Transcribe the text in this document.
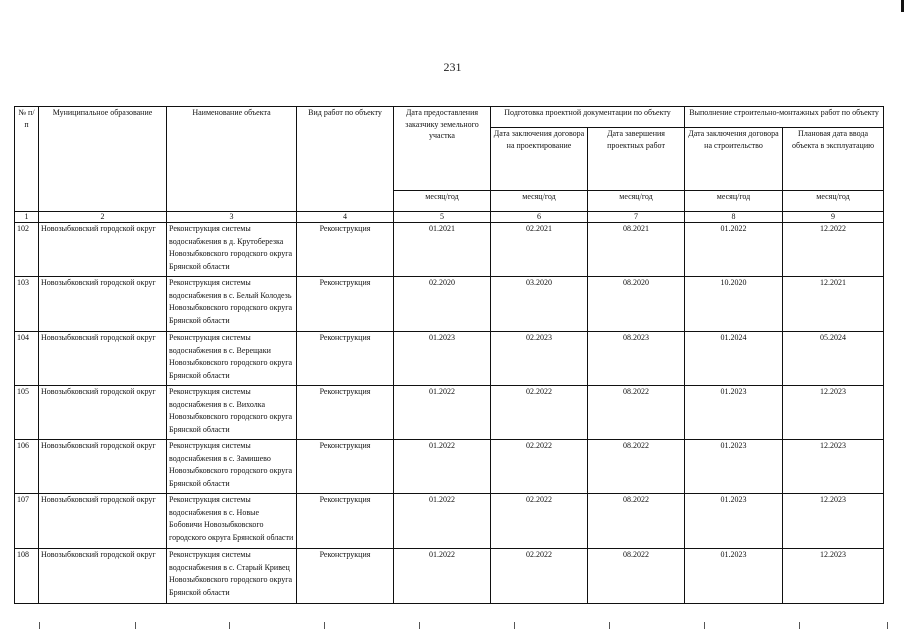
231
№ п/п	Муниципальное образование	Наименование объекта	Вид работ по объекту	Дата предоставления заказчику земельного участка	Подготовка проектной документации по объекту		Выполнение строительно-монтажных работ по объекту	
					Дата заключения договора на проектирование	Дата завершения проектных работ	Дата заключения договора на строительство	Плановая дата ввода объекта в эксплуатацию
				месяц/год	месяц/год	месяц/год	месяц/год	месяц/год
1	2	3	4	5	6	7	8	9
102	Новозыбковский городской округ	Реконструкция системы водоснабжения в д. Крутоберезка Новозыбковского городского округа Брянской области	Реконструкция	01.2021	02.2021	08.2021	01.2022	12.2022
103	Новозыбковский городской округ	Реконструкция системы водоснабжения в с. Белый Колодезь Новозыбковского городского округа Брянской области	Реконструкция	02.2020	03.2020	08.2020	10.2020	12.2021
104	Новозыбковский городской округ	Реконструкция системы водоснабжения в с. Верещаки Новозыбковского городского округа Брянской области	Реконструкция	01.2023	02.2023	08.2023	01.2024	05.2024
105	Новозыбковский городской округ	Реконструкция системы водоснабжения в с. Вихолка Новозыбковского городского округа Брянской области	Реконструкция	01.2022	02.2022	08.2022	01.2023	12.2023
106	Новозыбковский городской округ	Реконструкция системы водоснабжения в с. Замишево Новозыбковского городского округа Брянской области	Реконструкция	01.2022	02.2022	08.2022	01.2023	12.2023
107	Новозыбковский городской округ	Реконструкция системы водоснабжения в с. Новые Бобовичи Новозыбковского городского округа Брянской области	Реконструкция	01.2022	02.2022	08.2022	01.2023	12.2023
108	Новозыбковский городской округ	Реконструкция системы водоснабжения в с. Старый Кривец Новозыбковского городского округа Брянской области	Реконструкция	01.2022	02.2022	08.2022	01.2023	12.2023
